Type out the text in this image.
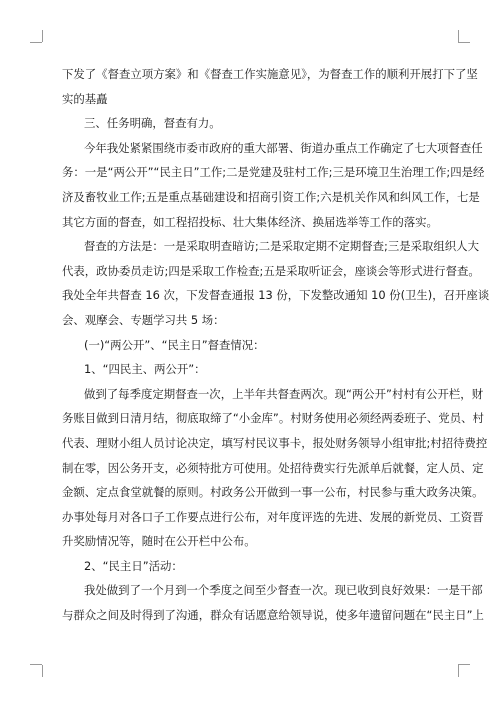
下发了《督查立项方案》和《督查工作实施意见》，为督查工作的顺利开展打下了坚
实的基矗
三、任务明确，督查有力。
今年我处紧紧围绕市委市政府的重大部署、街道办重点工作确定了七大项督查任
务：一是“两公开”“民主日”工作;二是党建及驻村工作;三是环境卫生治理工作;四是经
济及畜牧业工作;五是重点基础建设和招商引资工作;六是机关作风和纠风工作，七是
其它方面的督查，如工程招投标、壮大集体经济、换届选举等工作的落实。
督查的方法是：一是采取明查暗访;二是采取定期不定期督查;三是采取组织人大
代表，政协委员走访;四是采取工作检查;五是采取听证会，座谈会等形式进行督查。
我处全年共督查 16 次，下发督查通报 13 份，下发整改通知 10 份(卫生)，召开座谈
会、观摩会、专题学习共 5 场：
(一)“两公开”、“民主日”督查情况：
1、“四民主、两公开”：
做到了每季度定期督查一次，上半年共督查两次。现“两公开”村村有公开栏，财
务账目做到日清月结，彻底取缔了“小金库”。村财务使用必须经两委班子、党员、村
代表、理财小组人员讨论决定，填写村民议事卡，报处财务领导小组审批;村招待费控
制在零，因公务开支，必须特批方可使用。处招待费实行先派单后就餐，定人员、定
金额、定点食堂就餐的原则。村政务公开做到一事一公布，村民参与重大政务决策。
办事处每月对各口子工作要点进行公布，对年度评选的先进、发展的新党员、工资晋
升奖励情况等，随时在公开栏中公布。
2、“民主日”活动：
我处做到了一个月到一个季度之间至少督查一次。现已收到良好效果：一是干部
与群众之间及时得到了沟通，群众有话愿意给领导说，使多年遗留问题在“民主日”上
